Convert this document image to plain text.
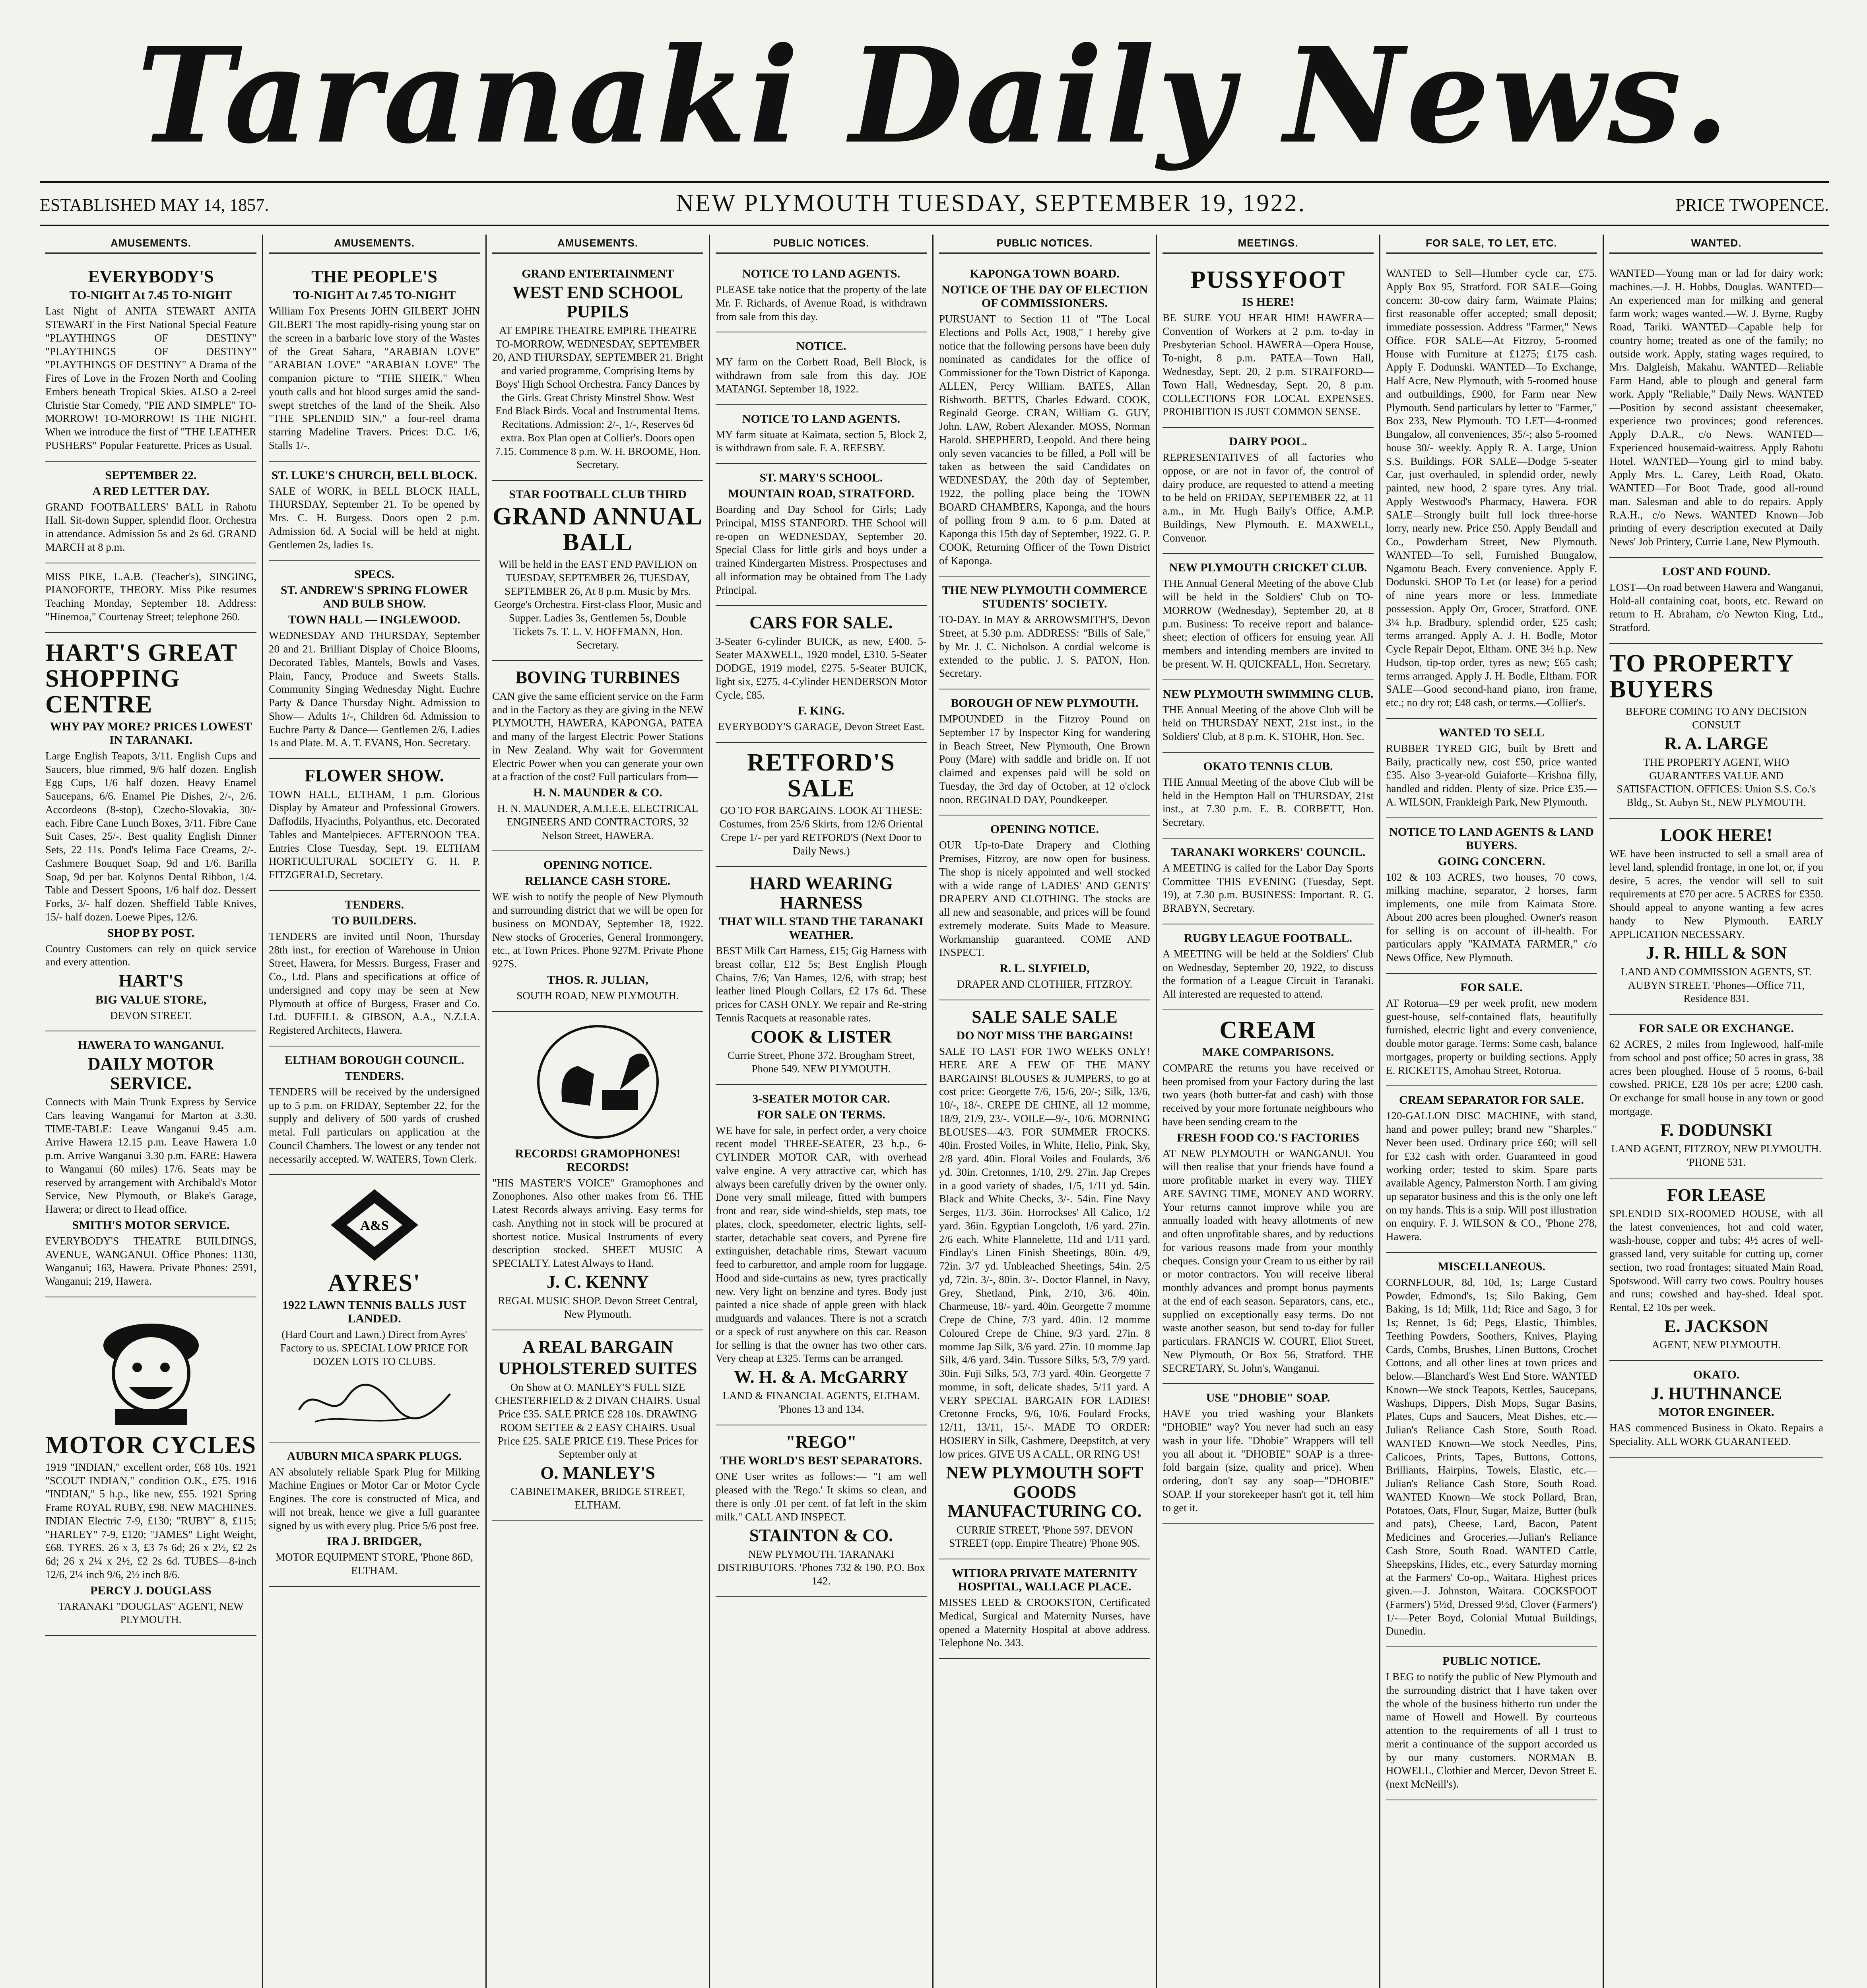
Taranaki Daily News.
ESTABLISHED MAY 14, 1857.	NEW PLYMOUTH TUESDAY, SEPTEMBER 19, 1922.	PRICE TWOPENCE.
AMUSEMENTS.
EVERYBODY'S
TO-NIGHT At 7.45 TO-NIGHT

Last Night of ANITA STEWART ANITA STEWART in the First National Special Feature "PLAYTHINGS OF DESTINY" "PLAYTHINGS OF DESTINY" "PLAYTHINGS OF DESTINY" A Drama of the Fires of Love in the Frozen North and Cooling Embers beneath Tropical Skies. ALSO a 2-reel Christie Star Comedy, "PIE AND SIMPLE" TO-MORROW! TO-MORROW! IS THE NIGHT. When we introduce the first of "THE LEATHER PUSHERS" Popular Featurette. Prices as Usual.

SEPTEMBER 22.
A RED LETTER DAY.

GRAND FOOTBALLERS' BALL in Rahotu Hall. Sit-down Supper, splendid floor. Orchestra in attendance. Admission 5s and 2s 6d. GRAND MARCH at 8 p.m.

MISS PIKE, L.A.B. (Teacher's), SINGING, PIANOFORTE, THEORY. Miss Pike resumes Teaching Monday, September 18. Address: "Hinemoa," Courtenay Street; telephone 260.

HART'S GREAT SHOPPING CENTRE
WHY PAY MORE? PRICES LOWEST IN TARANAKI.

Large English Teapots, 3/11. English Cups and Saucers, blue rimmed, 9/6 half dozen. English Egg Cups, 1/6 half dozen. Heavy Enamel Saucepans, 6/6. Enamel Pie Dishes, 2/-, 2/6. Accordeons (8-stop), Czecho-Slovakia, 30/- each. Fibre Cane Lunch Boxes, 3/11. Fibre Cane Suit Cases, 25/-. Best quality English Dinner Sets, 22 11s. Pond's Ielima Face Creams, 2/-. Cashmere Bouquet Soap, 9d and 1/6. Barilla Soap, 9d per bar. Kolynos Dental Ribbon, 1/4. Table and Dessert Spoons, 1/6 half doz. Dessert Forks, 3/- half dozen. Sheffield Table Knives, 15/- half dozen. Loewe Pipes, 12/6.

SHOP BY POST.

Country Customers can rely on quick service and every attention.

HART'S
BIG VALUE STORE,

DEVON STREET.

HAWERA TO WANGANUI.
DAILY MOTOR SERVICE.

Connects with Main Trunk Express by Service Cars leaving Wanganui for Marton at 3.30. TIME-TABLE: Leave Wanganui 9.45 a.m. Arrive Hawera 12.15 p.m. Leave Hawera 1.0 p.m. Arrive Wanganui 3.30 p.m. FARE: Hawera to Wanganui (60 miles) 17/6. Seats may be reserved by arrangement with Archibald's Motor Service, New Plymouth, or Blake's Garage, Hawera; or direct to Head office.

SMITH'S MOTOR SERVICE.

EVERYBODY'S THEATRE BUILDINGS, AVENUE, WANGANUI. Office Phones: 1130, Wanganui; 163, Hawera. Private Phones: 2591, Wanganui; 219, Hawera.

MOTOR CYCLES

1919 "INDIAN," excellent order, £68 10s. 1921 "SCOUT INDIAN," condition O.K., £75. 1916 "INDIAN," 5 h.p., like new, £55. 1921 Spring Frame ROYAL RUBY, £98. NEW MACHINES. INDIAN Electric 7-9, £130; "RUBY" 8, £115; "HARLEY" 7-9, £120; "JAMES" Light Weight, £68. TYRES. 26 x 3, £3 7s 6d; 26 x 2½, £2 2s 6d; 26 x 2¼ x 2½, £2 2s 6d. TUBES—8-inch 12/6, 2¼ inch 9/6, 2½ inch 8/6.

PERCY J. DOUGLASS

TARANAKI "DOUGLAS" AGENT, NEW PLYMOUTH.

AMUSEMENTS.
THE PEOPLE'S
TO-NIGHT At 7.45 TO-NIGHT

William Fox Presents JOHN GILBERT JOHN GILBERT The most rapidly-rising young star on the screen in a barbaric love story of the Wastes of the Great Sahara, "ARABIAN LOVE" "ARABIAN LOVE" "ARABIAN LOVE" The companion picture to "THE SHEIK." When youth calls and hot blood surges amid the sand-swept stretches of the land of the Sheik. Also "THE SPLENDID SIN," a four-reel drama starring Madeline Travers. Prices: D.C. 1/6, Stalls 1/-.

ST. LUKE'S CHURCH, BELL BLOCK.

SALE of WORK, in BELL BLOCK HALL, THURSDAY, September 21. To be opened by Mrs. C. H. Burgess. Doors open 2 p.m. Admission 6d. A Social will be held at night. Gentlemen 2s, ladies 1s.

SPECS.
ST. ANDREW'S SPRING FLOWER AND BULB SHOW.
TOWN HALL — INGLEWOOD.

WEDNESDAY AND THURSDAY, September 20 and 21. Brilliant Display of Choice Blooms, Decorated Tables, Mantels, Bowls and Vases. Plain, Fancy, Produce and Sweets Stalls. Community Singing Wednesday Night. Euchre Party & Dance Thursday Night. Admission to Show— Adults 1/-, Children 6d. Admission to Euchre Party & Dance— Gentlemen 2/6, Ladies 1s and Plate. M. A. T. EVANS, Hon. Secretary.

FLOWER SHOW.

TOWN HALL, ELTHAM, 1 p.m. Glorious Display by Amateur and Professional Growers. Daffodils, Hyacinths, Polyanthus, etc. Decorated Tables and Mantelpieces. AFTERNOON TEA. Entries Close Tuesday, Sept. 19. ELTHAM HORTICULTURAL SOCIETY G. H. P. FITZGERALD, Secretary.

TENDERS.
TO BUILDERS.

TENDERS are invited until Noon, Thursday 28th inst., for erection of Warehouse in Union Street, Hawera, for Messrs. Burgess, Fraser and Co., Ltd. Plans and specifications at office of undersigned and copy may be seen at New Plymouth at office of Burgess, Fraser and Co. Ltd. DUFFILL & GIBSON, A.A., N.Z.I.A. Registered Architects, Hawera.

ELTHAM BOROUGH COUNCIL.
TENDERS.

TENDERS will be received by the undersigned up to 5 p.m. on FRIDAY, September 22, for the supply and delivery of 500 yards of crushed metal. Full particulars on application at the Council Chambers. The lowest or any tender not necessarily accepted. W. WATERS, Town Clerk.

A&S
AYRES'
1922 LAWN TENNIS BALLS JUST LANDED.

(Hard Court and Lawn.) Direct from Ayres' Factory to us. SPECIAL LOW PRICE FOR DOZEN LOTS TO CLUBS.

AUBURN MICA SPARK PLUGS.

AN absolutely reliable Spark Plug for Milking Machine Engines or Motor Car or Motor Cycle Engines. The core is constructed of Mica, and will not break, hence we give a full guarantee signed by us with every plug. Price 5/6 post free.

IRA J. BRIDGER,

MOTOR EQUIPMENT STORE, 'Phone 86D, ELTHAM.

AMUSEMENTS.
GRAND ENTERTAINMENT
WEST END SCHOOL PUPILS

AT EMPIRE THEATRE EMPIRE THEATRE TO-MORROW, WEDNESDAY, SEPTEMBER 20, AND THURSDAY, SEPTEMBER 21. Bright and varied programme, Comprising Items by Boys' High School Orchestra. Fancy Dances by the Girls. Great Christy Minstrel Show. West End Black Birds. Vocal and Instrumental Items. Recitations. Admission: 2/-, 1/-, Reserves 6d extra. Box Plan open at Collier's. Doors open 7.15. Commence 8 p.m. W. H. BROOME, Hon. Secretary.

STAR FOOTBALL CLUB THIRD
GRAND ANNUAL BALL

Will be held in the EAST END PAVILION on TUESDAY, SEPTEMBER 26, TUESDAY, SEPTEMBER 26, At 8 p.m. Music by Mrs. George's Orchestra. First-class Floor, Music and Supper. Ladies 3s, Gentlemen 5s, Double Tickets 7s. T. L. V. HOFFMANN, Hon. Secretary.

BOVING TURBINES

CAN give the same efficient service on the Farm and in the Factory as they are giving in the NEW PLYMOUTH, HAWERA, KAPONGA, PATEA and many of the largest Electric Power Stations in New Zealand. Why wait for Government Electric Power when you can generate your own at a fraction of the cost? Full particulars from—

H. N. MAUNDER & CO.

H. N. MAUNDER, A.M.I.E.E. ELECTRICAL ENGINEERS AND CONTRACTORS, 32 Nelson Street, HAWERA.

OPENING NOTICE.
RELIANCE CASH STORE.

WE wish to notify the people of New Plymouth and surrounding district that we will be open for business on MONDAY, September 18, 1922. New stocks of Groceries, General Ironmongery, etc., at Town Prices. Phone 927M. Private Phone 927S.

THOS. R. JULIAN,

SOUTH ROAD, NEW PLYMOUTH.

RECORDS! GRAMOPHONES! RECORDS!

"HIS MASTER'S VOICE" Gramophones and Zonophones. Also other makes from £6. THE Latest Records always arriving. Easy terms for cash. Anything not in stock will be procured at shortest notice. Musical Instruments of every description stocked. SHEET MUSIC A SPECIALTY. Latest Always to Hand.

J. C. KENNY

REGAL MUSIC SHOP. Devon Street Central, New Plymouth.

A REAL BARGAIN
UPHOLSTERED SUITES

On Show at O. MANLEY'S FULL SIZE CHESTERFIELD & 2 DIVAN CHAIRS. Usual Price £35. SALE PRICE £28 10s. DRAWING ROOM SETTEE & 2 EASY CHAIRS. Usual Price £25. SALE PRICE £19. These Prices for September only at

O. MANLEY'S

CABINETMAKER, BRIDGE STREET, ELTHAM.

PUBLIC NOTICES.
NOTICE TO LAND AGENTS.

PLEASE take notice that the property of the late Mr. F. Richards, of Avenue Road, is withdrawn from sale from this day.

NOTICE.

MY farm on the Corbett Road, Bell Block, is withdrawn from sale from this day. JOE MATANGI. September 18, 1922.

NOTICE TO LAND AGENTS.

MY farm situate at Kaimata, section 5, Block 2, is withdrawn from sale. F. A. REESBY.

ST. MARY'S SCHOOL.
MOUNTAIN ROAD, STRATFORD.

Boarding and Day School for Girls; Lady Principal, MISS STANFORD. THE School will re-open on WEDNESDAY, September 20. Special Class for little girls and boys under a trained Kindergarten Mistress. Prospectuses and all information may be obtained from The Lady Principal.

CARS FOR SALE.

3-Seater 6-cylinder BUICK, as new, £400. 5-Seater MAXWELL, 1920 model, £310. 5-Seater DODGE, 1919 model, £275. 5-Seater BUICK, light six, £275. 4-Cylinder HENDERSON Motor Cycle, £85.

F. KING.

EVERYBODY'S GARAGE, Devon Street East.

RETFORD'S SALE

GO TO FOR BARGAINS. LOOK AT THESE: Costumes, from 25/6 Skirts, from 12/6 Oriental Crepe 1/- per yard RETFORD'S (Next Door to Daily News.)

HARD WEARING HARNESS
THAT WILL STAND THE TARANAKI WEATHER.

BEST Milk Cart Harness, £15; Gig Harness with breast collar, £12 5s; Best English Plough Chains, 7/6; Van Hames, 12/6, with strap; best leather lined Plough Collars, £2 17s 6d. These prices for CASH ONLY. We repair and Re-string Tennis Racquets at reasonable rates.

COOK & LISTER

Currie Street, Phone 372. Brougham Street, Phone 549. NEW PLYMOUTH.

3-SEATER MOTOR CAR.
FOR SALE ON TERMS.

WE have for sale, in perfect order, a very choice recent model THREE-SEATER, 23 h.p., 6-CYLINDER MOTOR CAR, with overhead valve engine. A very attractive car, which has always been carefully driven by the owner only. Done very small mileage, fitted with bumpers front and rear, side wind-shields, step mats, toe plates, clock, speedometer, electric lights, self-starter, detachable seat covers, and Pyrene fire extinguisher, detachable rims, Stewart vacuum feed to carburettor, and ample room for luggage. Hood and side-curtains as new, tyres practically new. Very light on benzine and tyres. Body just painted a nice shade of apple green with black mudguards and valances. There is not a scratch or a speck of rust anywhere on this car. Reason for selling is that the owner has two other cars. Very cheap at £325. Terms can be arranged.

W. H. & A. McGARRY

LAND & FINANCIAL AGENTS, ELTHAM. 'Phones 13 and 134.

"REGO"
THE WORLD'S BEST SEPARATORS.

ONE User writes as follows:— "I am well pleased with the 'Rego.' It skims so clean, and there is only .01 per cent. of fat left in the skim milk." CALL AND INSPECT.

STAINTON & CO.

NEW PLYMOUTH. TARANAKI DISTRIBUTORS. 'Phones 732 & 190. P.O. Box 142.

PUBLIC NOTICES.
KAPONGA TOWN BOARD.
NOTICE OF THE DAY OF ELECTION OF COMMISSIONERS.

PURSUANT to Section 11 of "The Local Elections and Polls Act, 1908," I hereby give notice that the following persons have been duly nominated as candidates for the office of Commissioner for the Town District of Kaponga. ALLEN, Percy William. BATES, Allan Rishworth. BETTS, Charles Edward. COOK, Reginald George. CRAN, William G. GUY, John. LAW, Robert Alexander. MOSS, Norman Harold. SHEPHERD, Leopold. And there being only seven vacancies to be filled, a Poll will be taken as between the said Candidates on WEDNESDAY, the 20th day of September, 1922, the polling place being the TOWN BOARD CHAMBERS, Kaponga, and the hours of polling from 9 a.m. to 6 p.m. Dated at Kaponga this 15th day of September, 1922. G. P. COOK, Returning Officer of the Town District of Kaponga.

THE NEW PLYMOUTH COMMERCE STUDENTS' SOCIETY.

TO-DAY. In MAY & ARROWSMITH'S, Devon Street, at 5.30 p.m. ADDRESS: "Bills of Sale," by Mr. J. C. Nicholson. A cordial welcome is extended to the public. J. S. PATON, Hon. Secretary.

BOROUGH OF NEW PLYMOUTH.

IMPOUNDED in the Fitzroy Pound on September 17 by Inspector King for wandering in Beach Street, New Plymouth, One Brown Pony (Mare) with saddle and bridle on. If not claimed and expenses paid will be sold on Tuesday, the 3rd day of October, at 12 o'clock noon. REGINALD DAY, Poundkeeper.

OPENING NOTICE.

OUR Up-to-Date Drapery and Clothing Premises, Fitzroy, are now open for business. The shop is nicely appointed and well stocked with a wide range of LADIES' AND GENTS' DRAPERY AND CLOTHING. The stocks are all new and seasonable, and prices will be found extremely moderate. Suits Made to Measure. Workmanship guaranteed. COME AND INSPECT.

R. L. SLYFIELD,

DRAPER AND CLOTHIER, FITZROY.

SALE SALE SALE
DO NOT MISS THE BARGAINS!

SALE TO LAST FOR TWO WEEKS ONLY! HERE ARE A FEW OF THE MANY BARGAINS! BLOUSES & JUMPERS, to go at cost price: Georgette 7/6, 15/6, 20/-; Silk, 13/6, 10/-, 18/-. CREPE DE CHINE, all 12 momme, 18/9, 21/9, 23/-. VOILE—9/-, 10/6. MORNING BLOUSES—4/3. FOR SUMMER FROCKS. 40in. Frosted Voiles, in White, Helio, Pink, Sky, 2/8 yard. 40in. Floral Voiles and Foulards, 3/6 yd. 30in. Cretonnes, 1/10, 2/9. 27in. Jap Crepes in a good variety of shades, 1/5, 1/11 yd. 54in. Black and White Checks, 3/-. 54in. Fine Navy Serges, 11/3. 36in. Horrockses' All Calico, 1/2 yard. 36in. Egyptian Longcloth, 1/6 yard. 27in. 2/6 each. White Flannelette, 11d and 1/11 yard. Findlay's Linen Finish Sheetings, 80in. 4/9, 72in. 3/7 yd. Unbleached Sheetings, 54in. 2/5 yd, 72in. 3/-, 80in. 3/-. Doctor Flannel, in Navy, Grey, Shetland, Pink, 2/10, 3/6. 40in. Charmeuse, 18/- yard. 40in. Georgette 7 momme Crepe de Chine, 7/3 yard. 40in. 12 momme Coloured Crepe de Chine, 9/3 yard. 27in. 8 momme Jap Silk, 3/6 yard. 27in. 10 momme Jap Silk, 4/6 yard. 34in. Tussore Silks, 5/3, 7/9 yard. 30in. Fuji Silks, 5/3, 7/3 yard. 40in. Georgette 7 momme, in soft, delicate shades, 5/11 yard. A VERY SPECIAL BARGAIN FOR LADIES! Cretonne Frocks, 9/6, 10/6. Foulard Frocks, 12/11, 13/11, 15/-. MADE TO ORDER: HOSIERY in Silk, Cashmere, Deepstitch, at very low prices. GIVE US A CALL, OR RING US!

NEW PLYMOUTH SOFT GOODS MANUFACTURING CO.

CURRIE STREET, 'Phone 597. DEVON STREET (opp. Empire Theatre) 'Phone 90S.

WITIORA PRIVATE MATERNITY HOSPITAL, WALLACE PLACE.

MISSES LEED & CROOKSTON, Certificated Medical, Surgical and Maternity Nurses, have opened a Maternity Hospital at above address. Telephone No. 343.

MEETINGS.
PUSSYFOOT
IS HERE!

BE SURE YOU HEAR HIM! HAWERA—Convention of Workers at 2 p.m. to-day in Presbyterian School. HAWERA—Opera House, To-night, 8 p.m. PATEA—Town Hall, Wednesday, Sept. 20, 2 p.m. STRATFORD—Town Hall, Wednesday, Sept. 20, 8 p.m. COLLECTIONS FOR LOCAL EXPENSES. PROHIBITION IS JUST COMMON SENSE.

DAIRY POOL.

REPRESENTATIVES of all factories who oppose, or are not in favor of, the control of dairy produce, are requested to attend a meeting to be held on FRIDAY, SEPTEMBER 22, at 11 a.m., in Mr. Hugh Baily's Office, A.M.P. Buildings, New Plymouth. E. MAXWELL, Convenor.

NEW PLYMOUTH CRICKET CLUB.

THE Annual General Meeting of the above Club will be held in the Soldiers' Club on TO-MORROW (Wednesday), September 20, at 8 p.m. Business: To receive report and balance-sheet; election of officers for ensuing year. All members and intending members are invited to be present. W. H. QUICKFALL, Hon. Secretary.

NEW PLYMOUTH SWIMMING CLUB.

THE Annual Meeting of the above Club will be held on THURSDAY NEXT, 21st inst., in the Soldiers' Club, at 8 p.m. K. STOHR, Hon. Sec.

OKATO TENNIS CLUB.

THE Annual Meeting of the above Club will be held in the Hempton Hall on THURSDAY, 21st inst., at 7.30 p.m. E. B. CORBETT, Hon. Secretary.

TARANAKI WORKERS' COUNCIL.

A MEETING is called for the Labor Day Sports Committee THIS EVENING (Tuesday, Sept. 19), at 7.30 p.m. BUSINESS: Important. R. G. BRABYN, Secretary.

RUGBY LEAGUE FOOTBALL.

A MEETING will be held at the Soldiers' Club on Wednesday, September 20, 1922, to discuss the formation of a League Circuit in Taranaki. All interested are requested to attend.

CREAM
MAKE COMPARISONS.

COMPARE the returns you have received or been promised from your Factory during the last two years (both butter-fat and cash) with those received by your more fortunate neighbours who have been sending cream to the

FRESH FOOD CO.'S FACTORIES

AT NEW PLYMOUTH or WANGANUI. You will then realise that your friends have found a more profitable market in every way. THEY ARE SAVING TIME, MONEY AND WORRY. Your returns cannot improve while you are annually loaded with heavy allotments of new and often unprofitable shares, and by reductions for various reasons made from your monthly cheques. Consign your Cream to us either by rail or motor contractors. You will receive liberal monthly advances and prompt bonus payments at the end of each season. Separators, cans, etc., supplied on exceptionally easy terms. Do not waste another season, but send to-day for fuller particulars. FRANCIS W. COURT, Eliot Street, New Plymouth, Or Box 56, Stratford. THE SECRETARY, St. John's, Wanganui.

USE "DHOBIE" SOAP.

HAVE you tried washing your Blankets "DHOBIE" way? You never had such an easy wash in your life. "Dhobie" Wrappers will tell you all about it. "DHOBIE" SOAP is a three-fold bargain (size, quality and price). When ordering, don't say any soap—"DHOBIE" SOAP. If your storekeeper hasn't got it, tell him to get it.

FOR SALE, TO LET, ETC.

WANTED to Sell—Humber cycle car, £75. Apply Box 95, Stratford. FOR SALE—Going concern: 30-cow dairy farm, Waimate Plains; first reasonable offer accepted; small deposit; immediate possession. Address "Farmer," News Office. FOR SALE—At Fitzroy, 5-roomed House with Furniture at £1275; £175 cash. Apply F. Dodunski. WANTED—To Exchange, Half Acre, New Plymouth, with 5-roomed house and outbuildings, £900, for Farm near New Plymouth. Send particulars by letter to "Farmer," Box 233, New Plymouth. TO LET—4-roomed Bungalow, all conveniences, 35/-; also 5-roomed house 30/- weekly. Apply R. A. Large, Union S.S. Buildings. FOR SALE—Dodge 5-seater Car, just overhauled, in splendid order, newly painted, new hood, 2 spare tyres. Any trial. Apply Westwood's Pharmacy, Hawera. FOR SALE—Strongly built full lock three-horse lorry, nearly new. Price £50. Apply Bendall and Co., Powderham Street, New Plymouth. WANTED—To sell, Furnished Bungalow, Ngamotu Beach. Every convenience. Apply F. Dodunski. SHOP To Let (or lease) for a period of nine years more or less. Immediate possession. Apply Orr, Grocer, Stratford. ONE 3¼ h.p. Bradbury, splendid order, £25 cash; terms arranged. Apply A. J. H. Bodle, Motor Cycle Repair Depot, Eltham. ONE 3½ h.p. New Hudson, tip-top order, tyres as new; £65 cash; terms arranged. Apply J. H. Bodle, Eltham. FOR SALE—Good second-hand piano, iron frame, etc.; no dry rot; £48 cash, or terms.—Collier's.

WANTED TO SELL

RUBBER TYRED GIG, built by Brett and Baily, practically new, cost £50, price wanted £35. Also 3-year-old Guiaforte—Krishna filly, handled and ridden. Plenty of size. Price £35.—A. WILSON, Frankleigh Park, New Plymouth.

NOTICE TO LAND AGENTS & LAND BUYERS.
GOING CONCERN.

102 & 103 ACRES, two houses, 70 cows, milking machine, separator, 2 horses, farm implements, one mile from Kaimata Store. About 200 acres been ploughed. Owner's reason for selling is on account of ill-health. For particulars apply "KAIMATA FARMER," c/o News Office, New Plymouth.

FOR SALE.

AT Rotorua—£9 per week profit, new modern guest-house, self-contained flats, beautifully furnished, electric light and every convenience, double motor garage. Terms: Some cash, balance mortgages, property or building sections. Apply E. RICKETTS, Amohau Street, Rotorua.

CREAM SEPARATOR FOR SALE.

120-GALLON DISC MACHINE, with stand, hand and power pulley; brand new "Sharples." Never been used. Ordinary price £60; will sell for £32 cash with order. Guaranteed in good working order; tested to skim. Spare parts available Agency, Palmerston North. I am giving up separator business and this is the only one left on my hands. This is a snip. Will post illustration on enquiry. F. J. WILSON & CO., 'Phone 278, Hawera.

MISCELLANEOUS.

CORNFLOUR, 8d, 10d, 1s; Large Custard Powder, Edmond's, 1s; Silo Baking, Gem Baking, 1s 1d; Milk, 11d; Rice and Sago, 3 for 1s; Rennet, 1s 6d; Pegs, Elastic, Thimbles, Teething Powders, Soothers, Knives, Playing Cards, Combs, Brushes, Linen Buttons, Crochet Cottons, and all other lines at town prices and below.—Blanchard's West End Store. WANTED Known—We stock Teapots, Kettles, Saucepans, Washups, Dippers, Dish Mops, Sugar Basins, Plates, Cups and Saucers, Meat Dishes, etc.—Julian's Reliance Cash Store, South Road. WANTED Known—We stock Needles, Pins, Calicoes, Prints, Tapes, Buttons, Cottons, Brilliants, Hairpins, Towels, Elastic, etc.—Julian's Reliance Cash Store, South Road. WANTED Known—We stock Pollard, Bran, Potatoes, Oats, Flour, Sugar, Maize, Butter (bulk and pats), Cheese, Lard, Bacon, Patent Medicines and Groceries.—Julian's Reliance Cash Store, South Road. WANTED Cattle, Sheepskins, Hides, etc., every Saturday morning at the Farmers' Co-op., Waitara. Highest prices given.—J. Johnston, Waitara. COCKSFOOT (Farmers') 5½d, Dressed 9½d, Clover (Farmers') 1/-—Peter Boyd, Colonial Mutual Buildings, Dunedin.

PUBLIC NOTICE.

I BEG to notify the public of New Plymouth and the surrounding district that I have taken over the whole of the business hitherto run under the name of Howell and Howell. By courteous attention to the requirements of all I trust to merit a continuance of the support accorded us by our many customers. NORMAN B. HOWELL, Clothier and Mercer, Devon Street E. (next McNeill's).

WANTED.

WANTED—Young man or lad for dairy work; machines.—J. H. Hobbs, Douglas. WANTED—An experienced man for milking and general farm work; wages wanted.—W. J. Byrne, Rugby Road, Tariki. WANTED—Capable help for country home; treated as one of the family; no outside work. Apply, stating wages required, to Mrs. Dalgleish, Makahu. WANTED—Reliable Farm Hand, able to plough and general farm work. Apply "Reliable," Daily News. WANTED—Position by second assistant cheesemaker, experience two provinces; good references. Apply D.A.R., c/o News. WANTED—Experienced housemaid-waitress. Apply Rahotu Hotel. WANTED—Young girl to mind baby. Apply Mrs. L. Carey, Leith Road, Okato. WANTED—For Boot Trade, good all-round man. Salesman and able to do repairs. Apply R.A.H., c/o News. WANTED Known—Job printing of every description executed at Daily News' Job Printery, Currie Lane, New Plymouth.

LOST AND FOUND.

LOST—On road between Hawera and Wanganui, Hold-all containing coat, boots, etc. Reward on return to H. Abraham, c/o Newton King, Ltd., Stratford.

TO PROPERTY BUYERS

BEFORE COMING TO ANY DECISION CONSULT

R. A. LARGE

THE PROPERTY AGENT, WHO GUARANTEES VALUE AND SATISFACTION. OFFICES: Union S.S. Co.'s Bldg., St. Aubyn St., NEW PLYMOUTH.

LOOK HERE!

WE have been instructed to sell a small area of level land, splendid frontage, in one lot, or, if you desire, 5 acres, the vendor will sell to suit requirements at £70 per acre. 5 ACRES for £350. Should appeal to anyone wanting a few acres handy to New Plymouth. EARLY APPLICATION NECESSARY.

J. R. HILL & SON

LAND AND COMMISSION AGENTS, ST. AUBYN STREET. 'Phones—Office 711, Residence 831.

FOR SALE OR EXCHANGE.

62 ACRES, 2 miles from Inglewood, half-mile from school and post office; 50 acres in grass, 38 acres been ploughed. House of 5 rooms, 6-bail cowshed. PRICE, £28 10s per acre; £200 cash. Or exchange for small house in any town or good mortgage.

F. DODUNSKI

LAND AGENT, FITZROY, NEW PLYMOUTH. 'PHONE 531.

FOR LEASE

SPLENDID SIX-ROOMED HOUSE, with all the latest conveniences, hot and cold water, wash-house, copper and tubs; 4½ acres of well-grassed land, very suitable for cutting up, corner section, two road frontages; situated Main Road, Spotswood. Will carry two cows. Poultry houses and runs; cowshed and hay-shed. Ideal spot. Rental, £2 10s per week.

E. JACKSON

AGENT, NEW PLYMOUTH.

OKATO.
J. HUTHNANCE
MOTOR ENGINEER.

HAS commenced Business in Okato. Repairs a Speciality. ALL WORK GUARANTEED.
